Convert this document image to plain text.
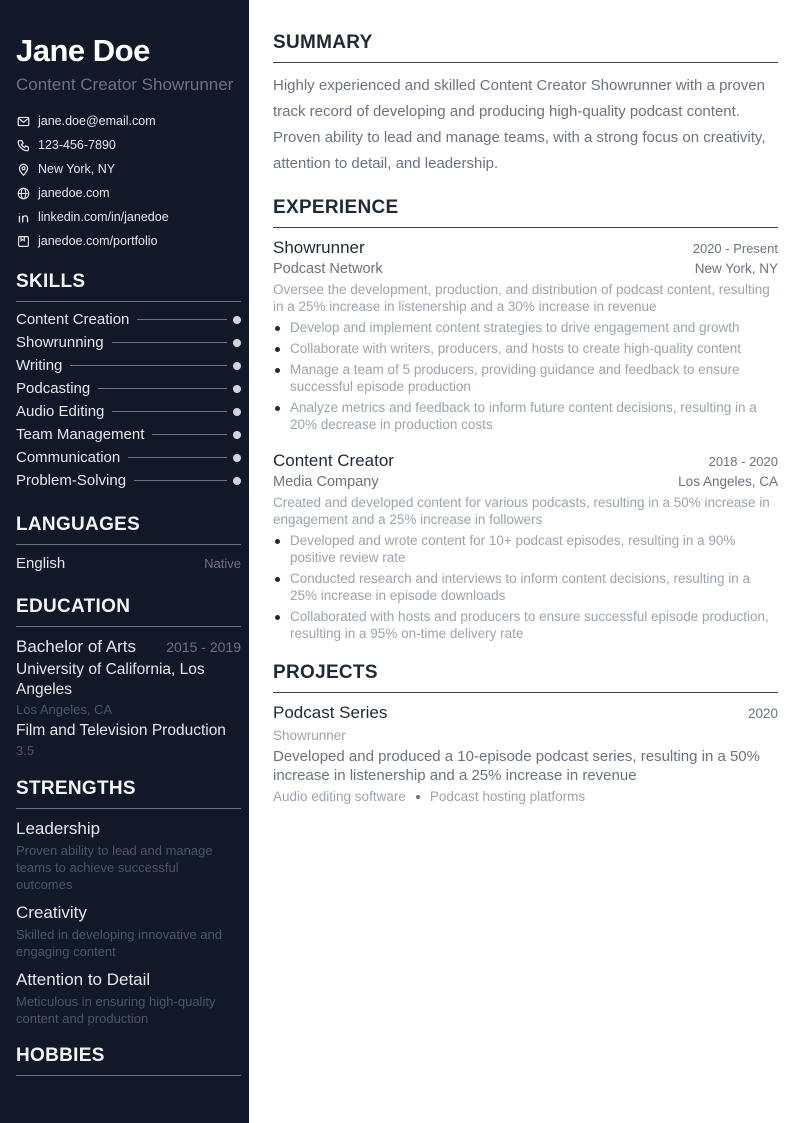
Jane Doe
Content Creator Showrunner
jane.doe@email.com
123-456-7890
New York, NY
janedoe.com
linkedin.com/in/janedoe
janedoe.com/portfolio
SKILLS
Content Creation
Showrunning
Writing
Podcasting
Audio Editing
Team Management
Communication
Problem-Solving
LANGUAGES
English	Native
EDUCATION
Bachelor of Arts 2015 - 2019
University of California, Los Angeles
Los Angeles, CA
Film and Television Production
3.5
STRENGTHS
Leadership
Proven ability to lead and manage teams to achieve successful outcomes
Creativity
Skilled in developing innovative and engaging content
Attention to Detail
Meticulous in ensuring high-quality content and production
HOBBIES
SUMMARY

Highly experienced and skilled Content Creator Showrunner with a proven track record of developing and producing high-quality podcast content. Proven ability to lead and manage teams, with a strong focus on creativity, attention to detail, and leadership.

EXPERIENCE
Showrunner	2020 - Present
Podcast Network	New York, NY
Oversee the development, production, and distribution of podcast content, resulting in a 25% increase in listenership and a 30% increase in revenue
Develop and implement content strategies to drive engagement and growth
Collaborate with writers, producers, and hosts to create high-quality content
Manage a team of 5 producers, providing guidance and feedback to ensure successful episode production
Analyze metrics and feedback to inform future content decisions, resulting in a 20% decrease in production costs
Content Creator	2018 - 2020
Media Company	Los Angeles, CA
Created and developed content for various podcasts, resulting in a 50% increase in engagement and a 25% increase in followers
Developed and wrote content for 10+ podcast episodes, resulting in a 90% positive review rate
Conducted research and interviews to inform content decisions, resulting in a 25% increase in episode downloads
Collaborated with hosts and producers to ensure successful episode production, resulting in a 95% on-time delivery rate
PROJECTS
Podcast Series	2020
Showrunner
Developed and produced a 10-episode podcast series, resulting in a 50% increase in listenership and a 25% increase in revenue
Audio editing software Podcast hosting platforms
